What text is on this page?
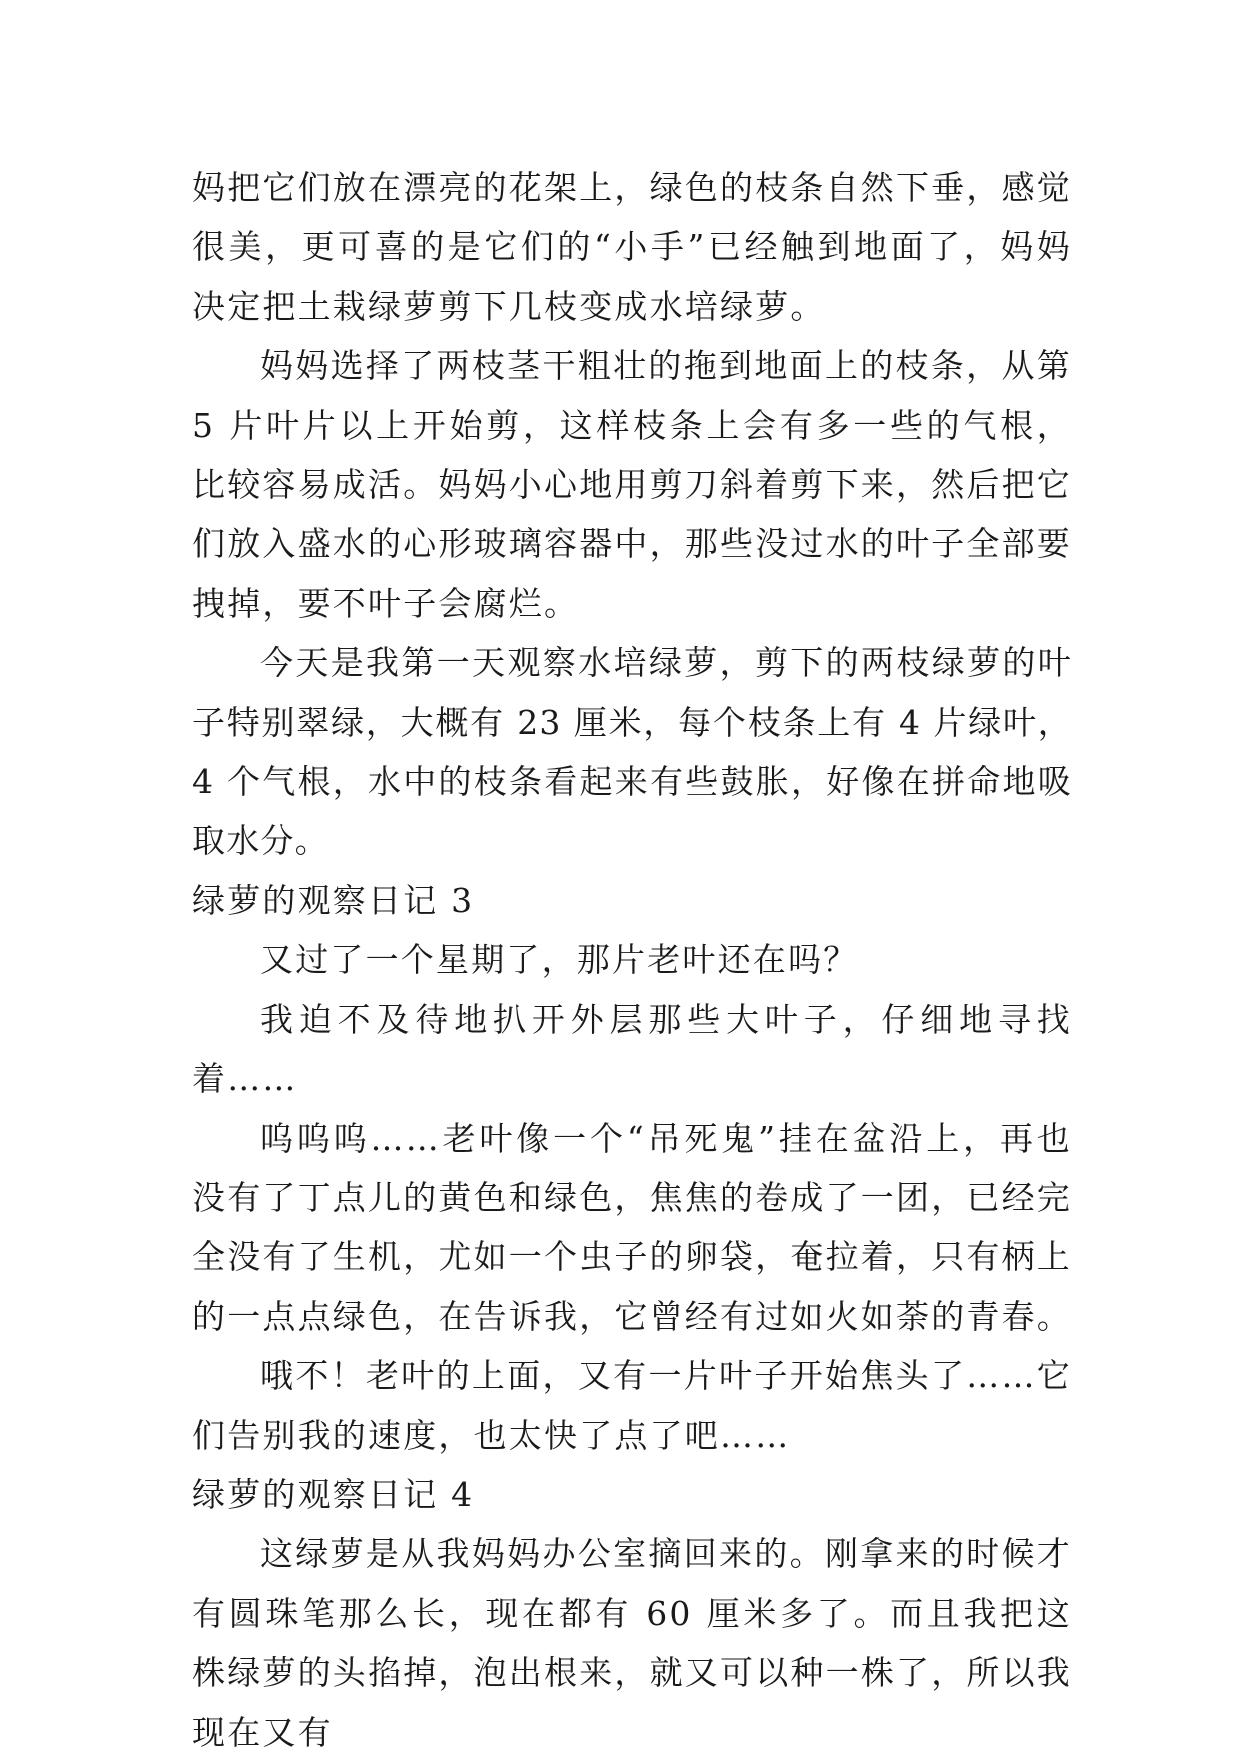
妈把它们放在漂亮的花架上，绿色的枝条自然下垂，感觉很美，更可喜的是它们的“小手”已经触到地面了，妈妈决定把土栽绿萝剪下几枝变成水培绿萝。

妈妈选择了两枝茎干粗壮的拖到地面上的枝条，从第 5 片叶片以上开始剪，这样枝条上会有多一些的气根，比较容易成活。妈妈小心地用剪刀斜着剪下来，然后把它们放入盛水的心形玻璃容器中，那些没过水的叶子全部要拽掉，要不叶子会腐烂。

今天是我第一天观察水培绿萝，剪下的两枝绿萝的叶子特别翠绿，大概有 23 厘米，每个枝条上有 4 片绿叶，4 个气根，水中的枝条看起来有些鼓胀，好像在拼命地吸取水分。

绿萝的观察日记 3

又过了一个星期了，那片老叶还在吗？

我迫不及待地扒开外层那些大叶子，仔细地寻找着……

呜呜呜……老叶像一个“吊死鬼”挂在盆沿上，再也没有了丁点儿的黄色和绿色，焦焦的卷成了一团，已经完全没有了生机，尤如一个虫子的卵袋，奄拉着，只有柄上的一点点绿色，在告诉我，它曾经有过如火如荼的青春。

哦不！老叶的上面，又有一片叶子开始焦头了……它们告别我的速度，也太快了点了吧……

绿萝的观察日记 4

这绿萝是从我妈妈办公室摘回来的。刚拿来的时候才有圆珠笔那么长，现在都有 60 厘米多了。而且我把这株绿萝的头掐掉，泡出根来，就又可以种一株了，所以我现在又有
